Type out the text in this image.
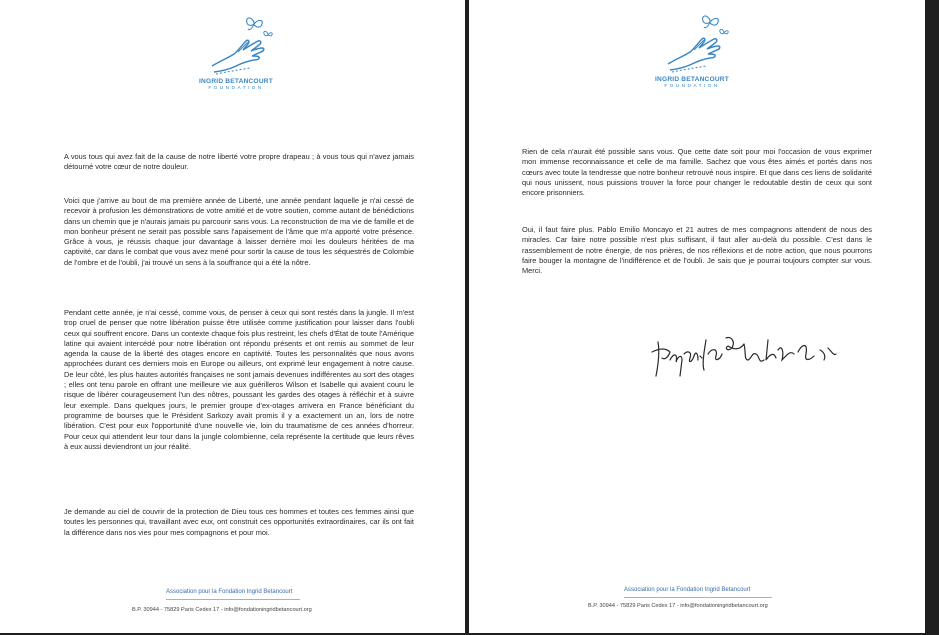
INGRID BETANCOURT
FOUNDATION

A vous tous qui avez fait de la cause de notre liberté votre propre drapeau ; à vous tous qui n'avez jamais détourné votre cœur de notre douleur.

Voici que j'arrive au bout de ma première année de Liberté, une année pendant laquelle je n'ai cessé de recevoir à profusion les démonstrations de votre amitié et de votre soutien, comme autant de bénédictions dans un chemin que je n'aurais jamais pu parcourir sans vous. La reconstruction de ma vie de famille et de mon bonheur présent ne serait pas possible sans l'apaisement de l'âme que m'a apporté votre présence. Grâce à vous, je réussis chaque jour davantage à laisser derrière moi les douleurs héritées de ma captivité, car dans le combat que vous avez mené pour sortir la cause de tous les séquestrés de Colombie de l'ombre et de l'oubli, j'ai trouvé un sens à la souffrance qui a été la nôtre.

Pendant cette année, je n'ai cessé, comme vous, de penser à ceux qui sont restés dans la jungle. Il m'est trop cruel de penser que notre libération puisse être utilisée comme justification pour laisser dans l'oubli ceux qui souffrent encore. Dans un contexte chaque fois plus restreint, les chefs d'État de toute l'Amérique latine qui avaient intercédé pour notre libération ont répondu présents et ont remis au sommet de leur agenda la cause de la liberté des otages encore en captivité. Toutes les personnalités que nous avons approchées durant ces derniers mois en Europe ou ailleurs, ont exprimé leur engagement à notre cause. De leur côté, les plus hautes autorités françaises ne sont jamais devenues indifférentes au sort des otages ; elles ont tenu parole en offrant une meilleure vie aux guérilleros Wilson et Isabelle qui avaient couru le risque de libérer courageusement l'un des nôtres, poussant les gardes des otages à réfléchir et à suivre leur exemple. Dans quelques jours, le premier groupe d'ex-otages arrivera en France bénéficiant du programme de bourses que le Président Sarkozy avait promis il y a exactement un an, lors de notre libération. C'est pour eux l'opportunité d'une nouvelle vie, loin du traumatisme de ces années d'horreur. Pour ceux qui attendent leur tour dans la jungle colombienne, cela représente la certitude que leurs rêves à eux aussi deviendront un jour réalité.

Je demande au ciel de couvrir de la protection de Dieu tous ces hommes et toutes ces femmes ainsi que toutes les personnes qui, travaillant avec eux, ont construit ces opportunités extraordinaires, car ils ont fait la différence dans nos vies pour mes compagnons et pour moi.

Association pour la Fondation Ingrid Betancourt
B.P. 30944 - 75829 Paris Cedex 17 - info@fondationingridbetancourt.org
INGRID BETANCOURT
FOUNDATION

Rien de cela n'aurait été possible sans vous. Que cette date soit pour moi l'occasion de vous exprimer mon immense reconnaissance et celle de ma famille. Sachez que vous êtes aimés et portés dans nos cœurs avec toute la tendresse que notre bonheur retrouvé nous inspire. Et que dans ces liens de solidarité qui nous unissent, nous puissions trouver la force pour changer le redoutable destin de ceux qui sont encore prisonniers.

Oui, il faut faire plus. Pablo Emilio Moncayo et 21 autres de mes compagnons attendent de nous des miracles. Car faire notre possible n'est plus suffisant, il faut aller au-delà du possible. C'est dans le rassemblement de notre énergie, de nos prières, de nos réflexions et de notre action, que nous pourrons faire bouger la montagne de l'indifférence et de l'oubli. Je sais que je pourrai toujours compter sur vous. Merci.

Association pour la Fondation Ingrid Betancourt
B.P. 30944 - 75829 Paris Cedex 17 - info@fondationingridbetancourt.org
